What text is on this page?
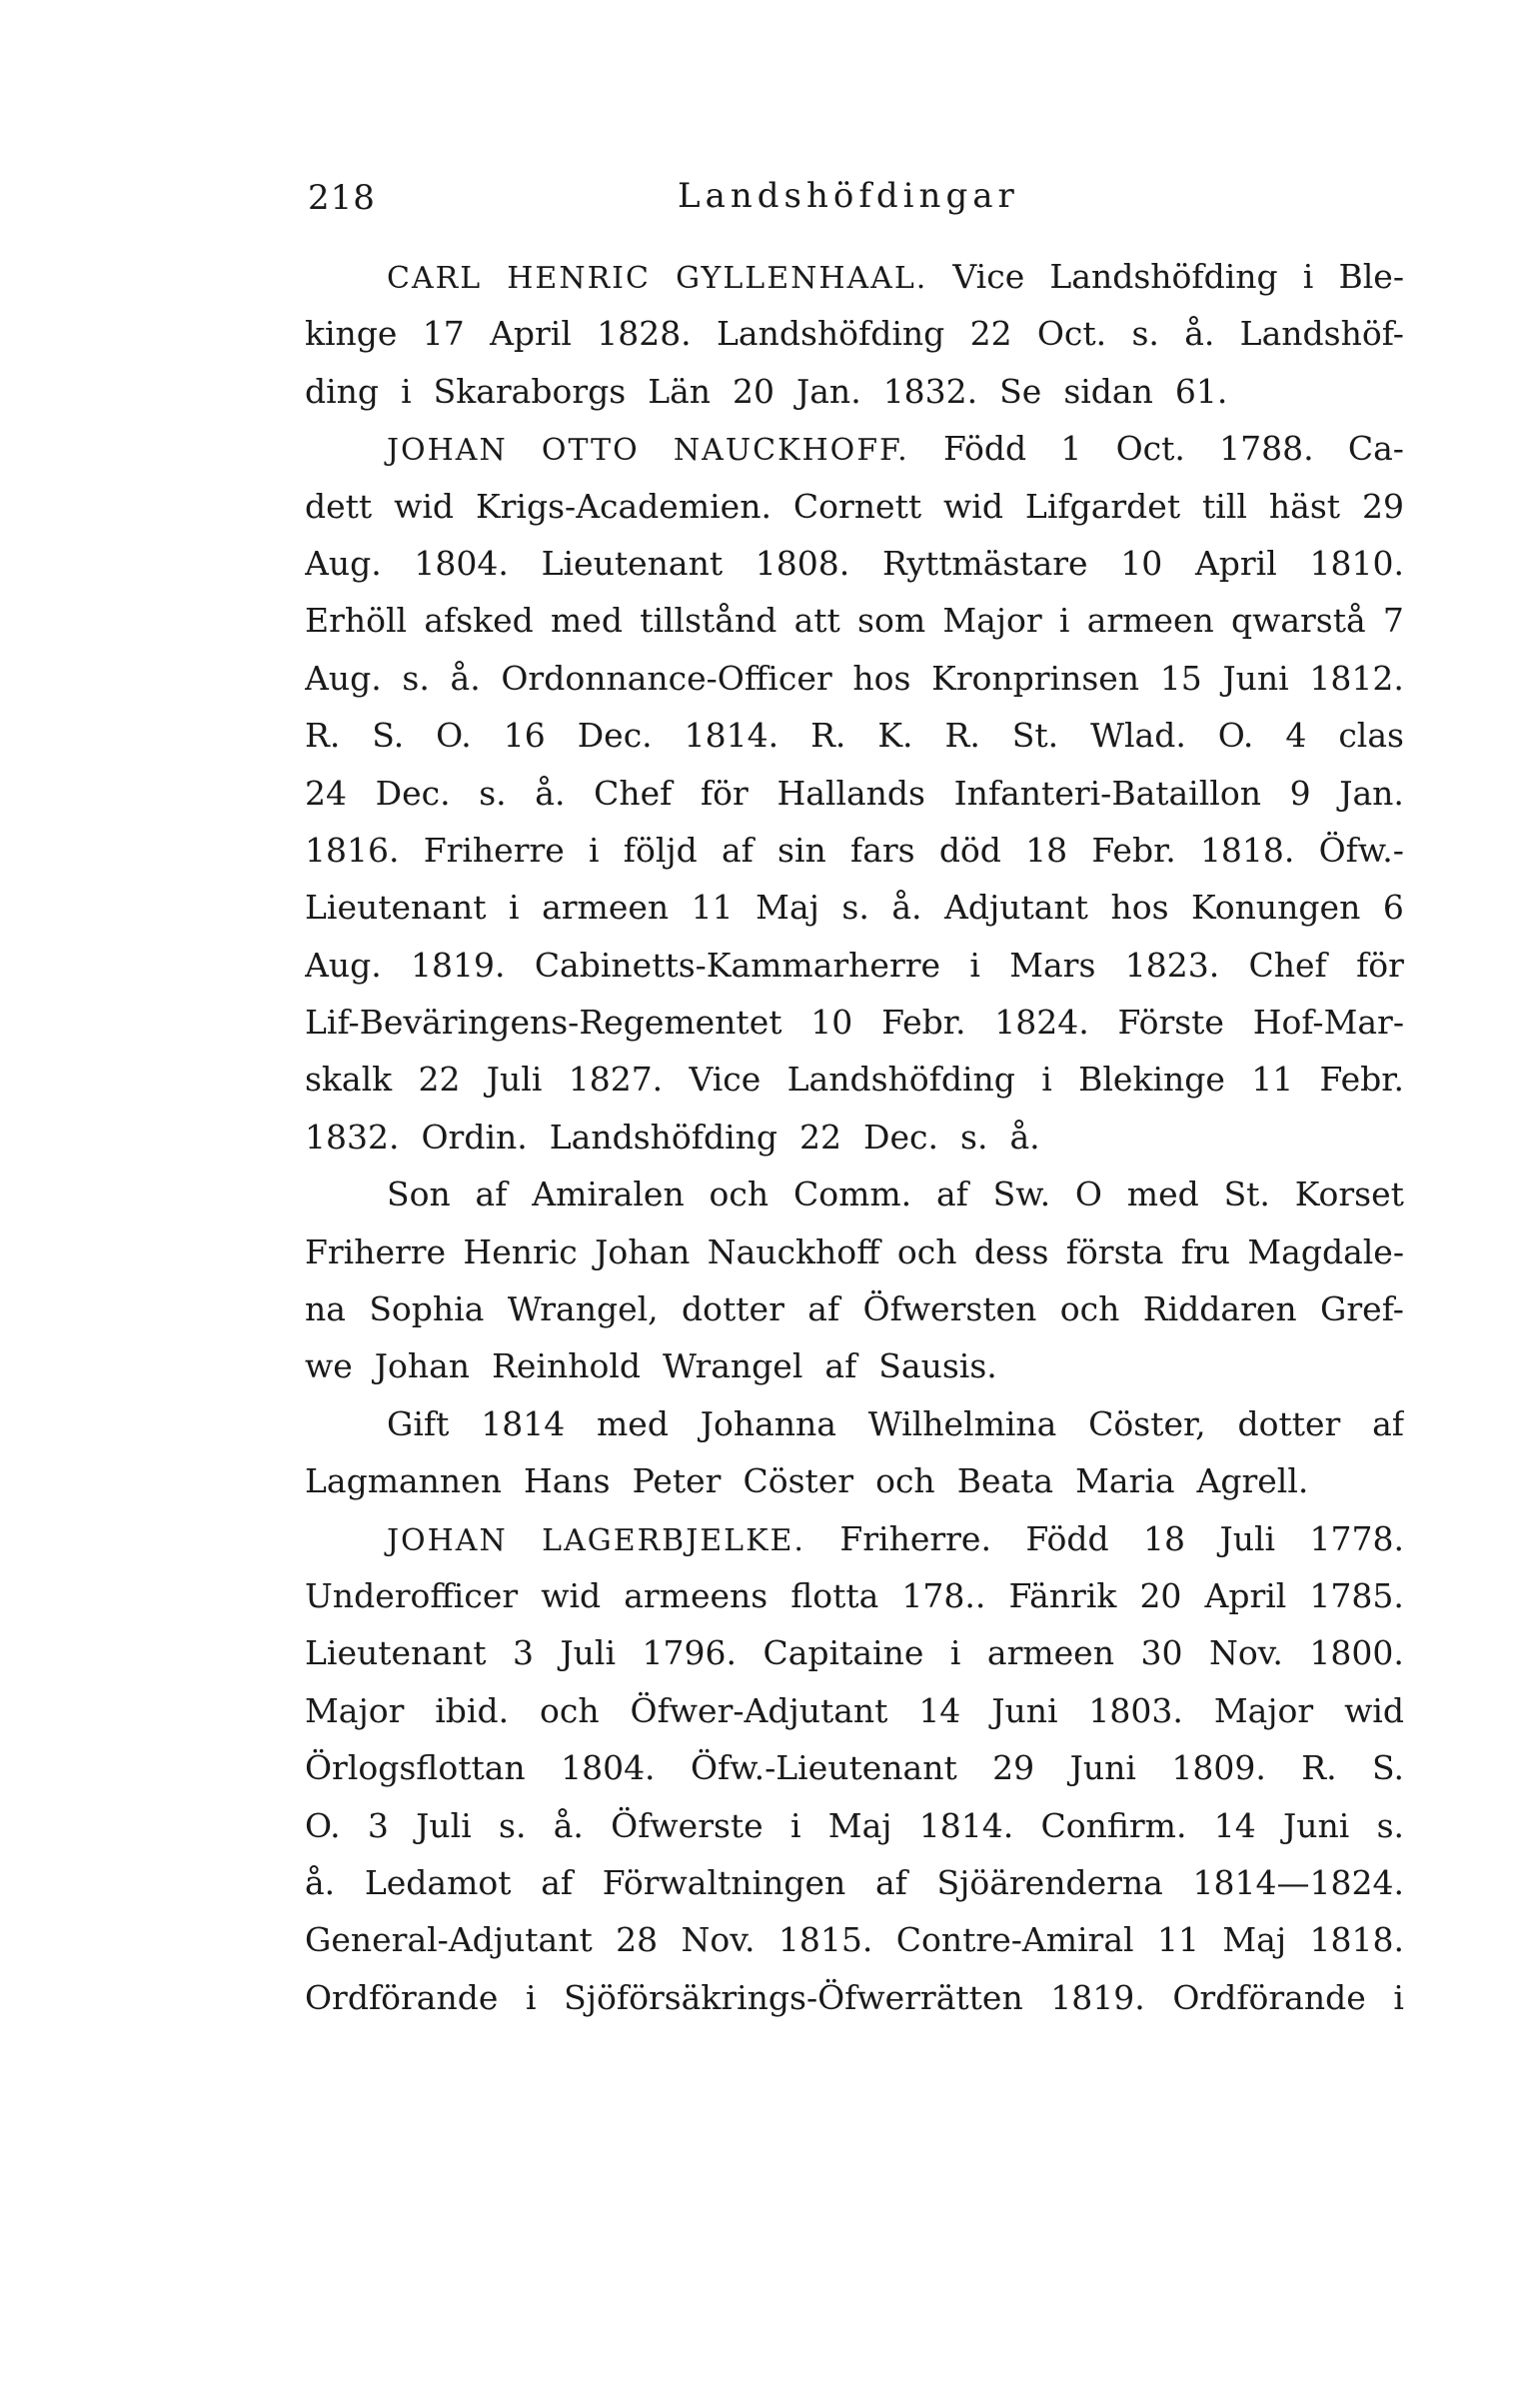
218	Landshöfdingar
CARL HENRIC GYLLENHAAL. Vice Landshöfding i Ble-
kinge 17 April 1828. Landshöfding 22 Oct. s. å. Landshöf-
ding i Skaraborgs Län 20 Jan. 1832. Se sidan 61.
JOHAN OTTO NAUCKHOFF. Född 1 Oct. 1788. Ca-
dett wid Krigs-Academien. Cornett wid Lifgardet till häst 29
Aug. 1804. Lieutenant 1808. Ryttmästare 10 April 1810.
Erhöll afsked med tillstånd att som Major i armeen qwarstå 7
Aug. s. å. Ordonnance-Officer hos Kronprinsen 15 Juni 1812.
R. S. O. 16 Dec. 1814. R. K. R. St. Wlad. O. 4 clas
24 Dec. s. å. Chef för Hallands Infanteri-Bataillon 9 Jan.
1816. Friherre i följd af sin fars död 18 Febr. 1818. Öfw.-
Lieutenant i armeen 11 Maj s. å. Adjutant hos Konungen 6
Aug. 1819. Cabinetts-Kammarherre i Mars 1823. Chef för
Lif-Beväringens-Regementet 10 Febr. 1824. Förste Hof-Mar-
skalk 22 Juli 1827. Vice Landshöfding i Blekinge 11 Febr.
1832. Ordin. Landshöfding 22 Dec. s. å.
Son af Amiralen och Comm. af Sw. O med St. Korset
Friherre Henric Johan Nauckhoff och dess första fru Magdale-
na Sophia Wrangel, dotter af Öfwersten och Riddaren Gref-
we Johan Reinhold Wrangel af Sausis.
Gift 1814 med Johanna Wilhelmina Cöster, dotter af
Lagmannen Hans Peter Cöster och Beata Maria Agrell.
JOHAN LAGERBJELKE. Friherre. Född 18 Juli 1778.
Underofficer wid armeens flotta 178.. Fänrik 20 April 1785.
Lieutenant 3 Juli 1796. Capitaine i armeen 30 Nov. 1800.
Major ibid. och Öfwer-Adjutant 14 Juni 1803. Major wid
Örlogsflottan 1804. Öfw.-Lieutenant 29 Juni 1809. R. S.
O. 3 Juli s. å. Öfwerste i Maj 1814. Confirm. 14 Juni s.
å. Ledamot af Förwaltningen af Sjöärenderna 1814—1824.
General-Adjutant 28 Nov. 1815. Contre-Amiral 11 Maj 1818.
Ordförande i Sjöförsäkrings-Öfwerrätten 1819. Ordförande i
